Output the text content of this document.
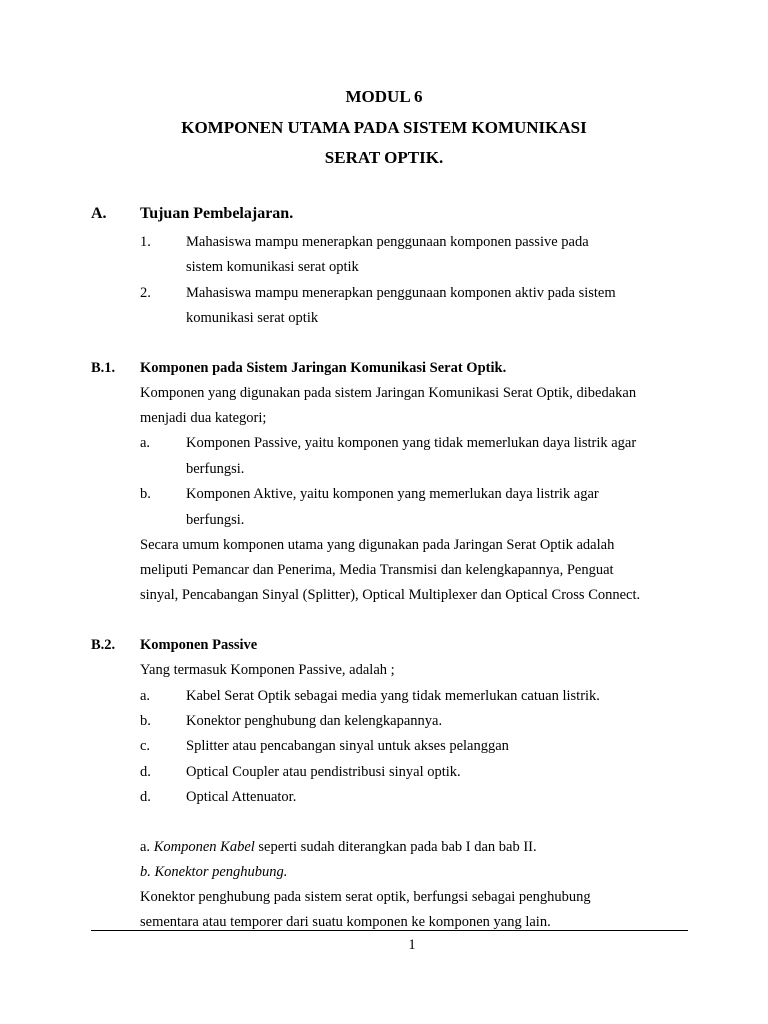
MODUL 6
KOMPONEN UTAMA PADA SISTEM KOMUNIKASI
SERAT OPTIK.
A. Tujuan Pembelajaran.
1. Mahasiswa mampu menerapkan penggunaan komponen passive pada
sistem komunikasi serat optik
2. Mahasiswa mampu menerapkan penggunaan komponen aktiv pada sistem
komunikasi serat optik
B.1. Komponen pada Sistem Jaringan Komunikasi Serat Optik.
Komponen yang digunakan pada sistem Jaringan Komunikasi Serat Optik, dibedakan
menjadi dua kategori;
a. Komponen Passive, yaitu komponen yang tidak memerlukan daya listrik agar
berfungsi.
b. Komponen Aktive, yaitu komponen yang memerlukan daya listrik agar
berfungsi.
Secara umum komponen utama yang digunakan pada Jaringan Serat Optik adalah
meliputi Pemancar dan Penerima, Media Transmisi dan kelengkapannya, Penguat
sinyal, Pencabangan Sinyal (Splitter), Optical Multiplexer dan Optical Cross Connect.
B.2. Komponen Passive
Yang termasuk Komponen Passive, adalah ;
a. Kabel Serat Optik sebagai media yang tidak memerlukan catuan listrik.
b. Konektor penghubung dan kelengkapannya.
c. Splitter atau pencabangan sinyal untuk akses pelanggan
d. Optical Coupler atau pendistribusi sinyal optik.
d. Optical Attenuator.
a. Komponen Kabel seperti sudah diterangkan pada bab I dan bab II.
b. Konektor penghubung.
Konektor penghubung pada sistem serat optik, berfungsi sebagai penghubung
sementara atau temporer dari suatu komponen ke komponen yang lain.
1
